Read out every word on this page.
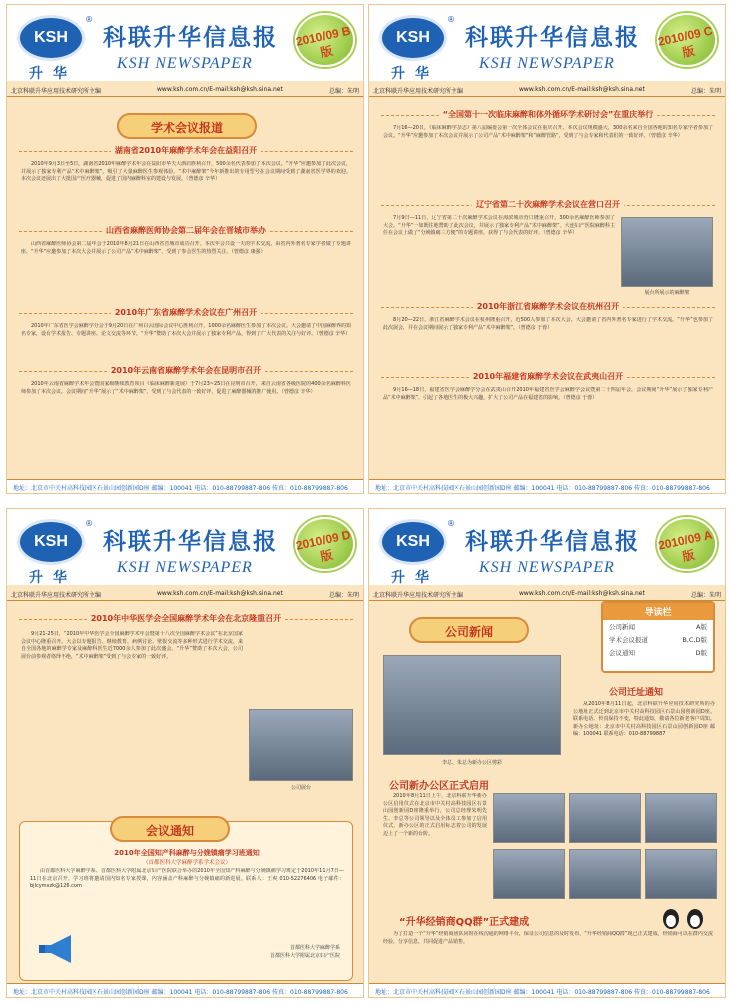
KSH
®
升华
科联升华信息报
KSH NEWSPAPER
2010/09 B版
北京科联升华应用技术研究所主编	www.ksh.com.cn/E-mail:ksh@ksh.sina.net	总编：朱明
学术会议报道
湖南省2010年麻醉学术年会在益阳召开

2010年9月3日至5日，湖南省2010年麻醉学术年会在益阳市华天大酒店胜利召开，500余名代表参加了本次会议。“升华”应邀参加了此次会议，并展示了独家专利产品“术中麻醉架”，吸引了大量麻醉医生参观体验。“术中麻醉架”今年新推出的专用型号在会议期间受到了湖南省医学界的欢迎。本次会议还展出了大批国产医疗器械，促进了国内麻醉科室的建设与发展。（曾德彦 辛华）

山西省麻醉医师协会第二届年会在晋城市举办

山西省麻醉医师协会第二届年会于2010年8月21日在山西省晋城市成功召开。本次年会共设一天的学术交流，由省内外著名专家学者做了专题讲座。“升华”应邀参加了本次大会并展示了公司产品“术中麻醉架”，受到了参会医生的热烈关注。（曾德彦 康强）

2010年广东省麻醉学术会议在广州召开

2010年广东省医学会麻醉学分会于9月20日在广州白云国际会议中心胜利召开，1000余名麻醉医生参加了本次会议。大会邀请了中国麻醉界的知名专家，设有学术报告、专题讲座、论文交流等环节。“升华”赞助了本次大会并展示了独家专利产品，得到了广大代表的关注与好评。（曾德彦 辛华）

2010年云南省麻醉学术年会在昆明市召开

2010年云南省麻醉学术年会暨国家级继续教育项目《临床麻醉新进展》于7月23~25日在昆明市召开，来自云南省各级医院的400余名麻醉科医师参加了本次会议。会议期间“升华”展示了“术中麻醉架”，受到了与会代表的一致好评，促进了麻醉器械的推广使用。（曾德彦 辛华）

地址：北京市中关村高科技园区石景山园创新园D座 邮编：100041 电话：010-88799887-806 传真：010-88799887-806
KSH
®
升华
科联升华信息报
KSH NEWSPAPER
2010/09 C版
北京科联升华应用技术研究所主编	www.ksh.com.cn/E-mail:ksh@ksh.sina.net	总编：朱明
“全国第十一次临床麻醉和体外循环学术研讨会”在重庆举行

7月16—20日，《临床麻醉学杂志》第八届编委会第一次全体会议在重庆召开。本次会议规模盛大，300余名来自全国各地的知名专家学者参加了会议。“升华”应邀参加了本次会议并展示了公司产品“术中麻醉架”和“麻醉管路”，受到了与会专家和代表们的一致好评。（曾德彦 辛华）

辽宁省第二十次麻醉学术会议在营口召开

7月9日—11日，辽宁省第二十次麻醉学术会议在海滨城市营口隆重召开，300余名麻醉医师参加了大会。“升华”一如既往地赞助了此次会议，并展示了独家专利产品“术中麻醉架”。大连妇产医院麻醉科主任在会议上做了“分娩镇痛三方便”的专题讲座，获得了与会代表的好评。（曾德彦 辛华）

展台所展示的麻醉架
2010年浙江省麻醉学术会议在杭州召开

8月20—22日，浙江省麻醉学术会议在杭州隆重召开，近500人参加了本次大会。大会邀请了省内外著名专家进行了学术交流。“升华”也参加了此次展会，并在会议期间展示了独家专利产品“术中麻醉架”。（曾德彦 于蓉）

2010年福建省麻醉学术会议在武夷山召开

9月16—18日，福建省医学会麻醉学分会在武夷山召开2010年福建省医学会麻醉学会议暨第二十四届年会，会议期间“升华”展示了独家专利产品“术中麻醉架”，引起了各地医生的极大兴趣，扩大了公司产品在福建省的影响。（曾德彦 于蓉）

地址：北京市中关村高科技园区石景山园创新园D座 邮编：100041 电话：010-88799887-806 传真：010-88799887-806
KSH
®
升华
科联升华信息报
KSH NEWSPAPER
2010/09 D版
北京科联升华应用技术研究所主编	www.ksh.com.cn/E-mail:ksh@ksh.sina.net	总编：朱明
2010年中华医学会全国麻醉学术年会在北京隆重召开

9月21-25日，“2010年中华医学会全国麻醉学术年会暨第十八次全国麻醉学术会议”在北京国家会议中心隆重召开。大会以专题报告、继续教育、病例讨论、壁报交流等多种形式进行学术交流，来自全国各地的麻醉学专家及麻醉科医生近7000余人参加了此次盛会。“升华”赞助了本次大会，公司展台前参观者络绎不绝，“术中麻醉架”受到了与会专家的一致好评。

公司展台
会议通知
2010年全国知产科麻醉与分娩镇痛学习班通知
（首都医科大学麻醉学系学术会议）

由首都医科大学麻醉学系、首都医科大学附属北京妇产医院联合举办的2010年全国知产科麻醉与分娩镇痛学习班定于2010年11月7日—11日在北京召开。学习班将邀请国内知名专家授课，内容涵盖产科麻醉与分娩镇痛的新进展。联系人：王爽 010-52276406 电子邮件：bjlcymxzk@126.com

首都医科大学麻醉学系
首都医科大学附属北京妇产医院
地址：北京市中关村高科技园区石景山园创新园D座 邮编：100041 电话：010-88799887-806 传真：010-88799887-806
KSH
®
升华
科联升华信息报
KSH NEWSPAPER
2010/09 A版
北京科联升华应用技术研究所主编	www.ksh.com.cn/E-mail:ksh@ksh.sina.net	总编：朱明
公司新闻
导读栏
公司新闻	A版
学术会议报道	B,C,D版
会议通知	D版
李总、朱总为新办公区剪彩
公司迁址通知

从2010年8月11日起，北京科联升华应用技术研究所的办公地址正式迁到北京市中关村高科技园区石景山园创新园D座。联系电话、传真保持不变，特此通知，敬请各位新老客户周知。新办公地址：北京市中关村高科技园区石景山园创新园D座 邮编：100041 联系电话：010-88799887

公司新办公区正式启用

2010年8月11日上午，北京科联升华新办公区启用仪式在北京市中关村高科技园区石景山园创新园D座隆重举行，公司总经理朱明先生、李总等公司领导以及全体员工参加了启用仪式。新办公区的正式启用标志着公司的发展迈上了一个新的台阶。

“升华经销商QQ群”正式建成

为了打造一个“升华”经销商团队同时在线沟通的网络平台，保证公司信息的及时发布，“升华经销商QQ群”现已正式建成，经销商可以在群内交流经验，分享信息，共同促进产品销售。

地址：北京市中关村高科技园区石景山园创新园D座 邮编：100041 电话：010-88799887-806 传真：010-88799887-806
